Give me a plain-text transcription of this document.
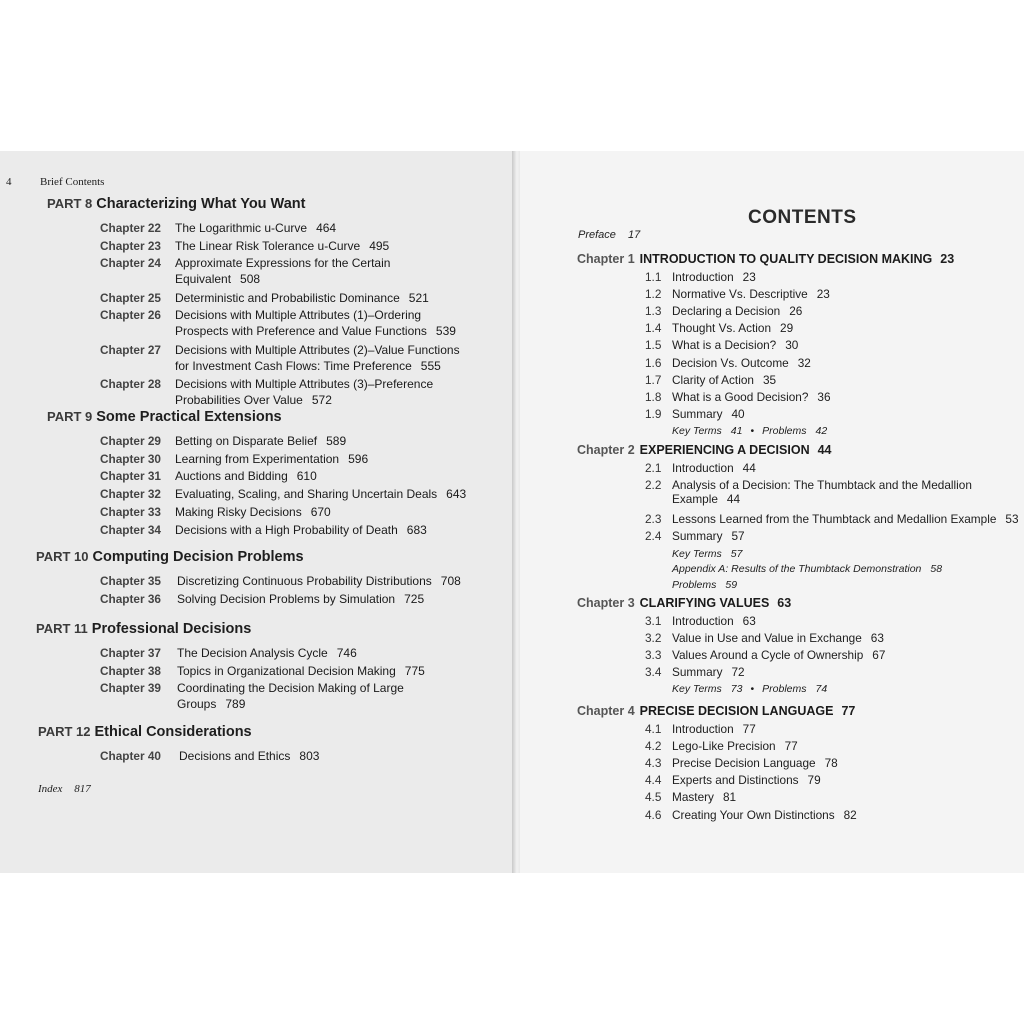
4	Brief Contents
PART 8 Characterizing What You Want
Chapter 22 The Logarithmic u-Curve 464
Chapter 23 The Linear Risk Tolerance u-Curve 495
Chapter 24 Approximate Expressions for the Certain
Equivalent 508
Chapter 25 Deterministic and Probabilistic Dominance 521
Chapter 26 Decisions with Multiple Attributes (1)–Ordering
Prospects with Preference and Value Functions 539
Chapter 27 Decisions with Multiple Attributes (2)–Value Functions
for Investment Cash Flows: Time Preference 555
Chapter 28 Decisions with Multiple Attributes (3)–Preference
Probabilities Over Value 572
PART 9 Some Practical Extensions
Chapter 29 Betting on Disparate Belief 589
Chapter 30 Learning from Experimentation 596
Chapter 31 Auctions and Bidding 610
Chapter 32 Evaluating, Scaling, and Sharing Uncertain Deals 643
Chapter 33 Making Risky Decisions 670
Chapter 34 Decisions with a High Probability of Death 683
PART 10 Computing Decision Problems
Chapter 35 Discretizing Continuous Probability Distributions 708
Chapter 36 Solving Decision Problems by Simulation 725
PART 11 Professional Decisions
Chapter 37 The Decision Analysis Cycle 746
Chapter 38 Topics in Organizational Decision Making 775
Chapter 39 Coordinating the Decision Making of Large
Groups 789
PART 12 Ethical Considerations
Chapter 40 Decisions and Ethics 803
Index 817
CONTENTS
Preface 17
Chapter 1 INTRODUCTION TO QUALITY DECISION MAKING 23
1.1 Introduction 23
1.2 Normative Vs. Descriptive 23
1.3 Declaring a Decision 26
1.4 Thought Vs. Action 29
1.5 What is a Decision? 30
1.6 Decision Vs. Outcome 32
1.7 Clarity of Action 35
1.8 What is a Good Decision? 36
1.9 Summary 40
Key Terms 41 • Problems 42
Chapter 2 EXPERIENCING A DECISION 44
2.1 Introduction 44
2.2 Analysis of a Decision: The Thumbtack and the Medallion
Example 44
2.3 Lessons Learned from the Thumbtack and Medallion Example 53
2.4 Summary 57
Key Terms 57
Appendix A: Results of the Thumbtack Demonstration 58
Problems 59
Chapter 3 CLARIFYING VALUES 63
3.1 Introduction 63
3.2 Value in Use and Value in Exchange 63
3.3 Values Around a Cycle of Ownership 67
3.4 Summary 72
Key Terms 73 • Problems 74
Chapter 4 PRECISE DECISION LANGUAGE 77
4.1 Introduction 77
4.2 Lego-Like Precision 77
4.3 Precise Decision Language 78
4.4 Experts and Distinctions 79
4.5 Mastery 81
4.6 Creating Your Own Distinctions 82
